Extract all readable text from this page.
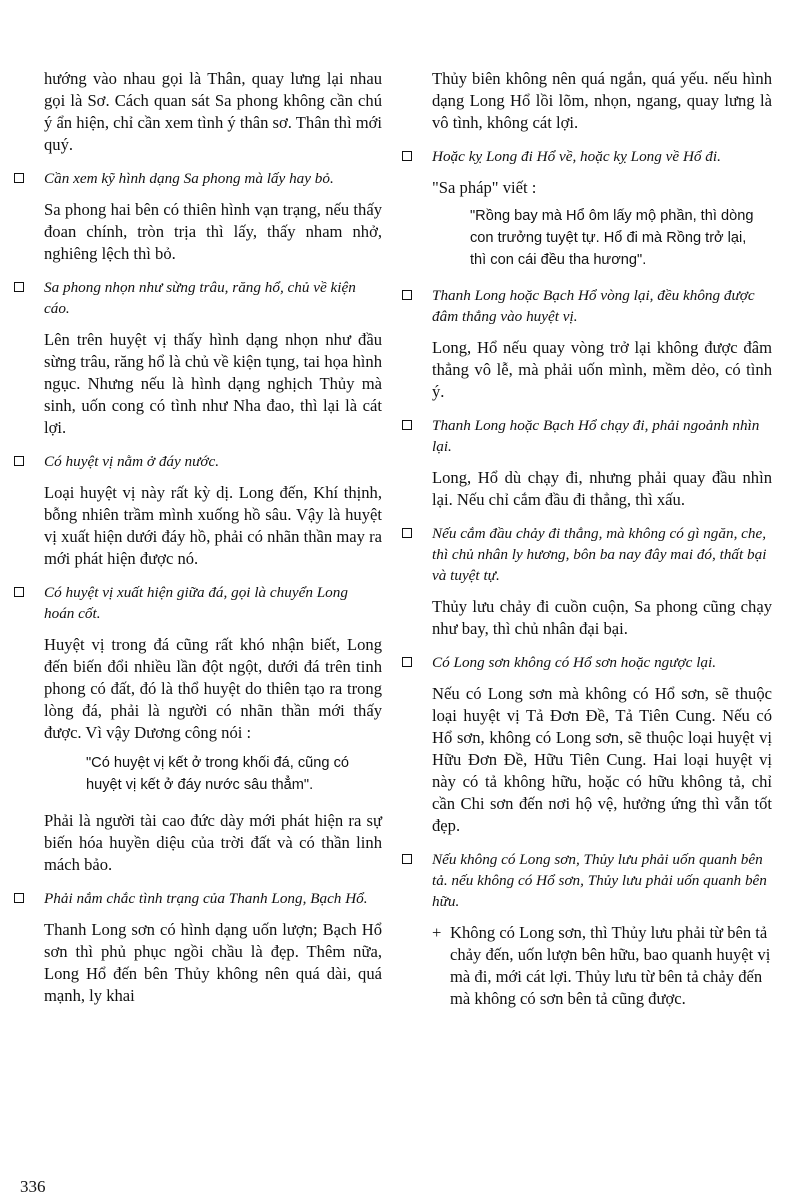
hướng vào nhau gọi là Thân, quay lưng lại nhau gọi là Sơ. Cách quan sát Sa phong không cần chú ý ẩn hiện, chỉ cần xem tình ý thân sơ. Thân thì mới quý.

Cần xem kỹ hình dạng Sa phong mà lấy hay bỏ.

Sa phong hai bên có thiên hình vạn trạng, nếu thấy đoan chính, tròn trịa thì lấy, thấy nham nhở, nghiêng lệch thì bỏ.

Sa phong nhọn như sừng trâu, răng hổ, chủ về kiện cáo.

Lên trên huyệt vị thấy hình dạng nhọn như đầu sừng trâu, răng hổ là chủ về kiện tụng, tai họa hình ngục. Nhưng nếu là hình dạng nghịch Thủy mà sinh, uốn cong có tình như Nha đao, thì lại là cát lợi.

Có huyệt vị nằm ở đáy nước.

Loại huyệt vị này rất kỳ dị. Long đến, Khí thịnh, bỗng nhiên trầm mình xuống hồ sâu. Vậy là huyệt vị xuất hiện dưới đáy hồ, phải có nhãn thần may ra mới phát hiện được nó.

Có huyệt vị xuất hiện giữa đá, gọi là chuyển Long hoán cốt.

Huyệt vị trong đá cũng rất khó nhận biết, Long đến biến đổi nhiều lần đột ngột, dưới đá trên tinh phong có đất, đó là thổ huyệt do thiên tạo ra trong lòng đá, phải là người có nhãn thần mới thấy được. Vì vậy Dương công nói :

"Có huyệt vị kết ở trong khối đá, cũng có huyệt vị kết ở đáy nước sâu thẳm".

Phải là người tài cao đức dày mới phát hiện ra sự biến hóa huyền diệu của trời đất và có thần linh mách bảo.

Phải nắm chắc tình trạng của Thanh Long, Bạch Hổ.

Thanh Long sơn có hình dạng uốn lượn; Bạch Hổ sơn thì phủ phục ngồi chầu là đẹp. Thêm nữa, Long Hổ đến bên Thủy không nên quá dài, quá mạnh, ly khai

Thủy biên không nên quá ngắn, quá yếu. nếu hình dạng Long Hổ lồi lõm, nhọn, ngang, quay lưng là vô tình, không cát lợi.

Hoặc kỵ Long đi Hổ về, hoặc kỵ Long về Hổ đi.

"Sa pháp" viết :

"Rồng bay mà Hổ ôm lấy mộ phần, thì dòng con trưởng tuyệt tự. Hổ đi mà Rồng trở lại, thì con cái đều tha hương".

Thanh Long hoặc Bạch Hổ vòng lại, đều không được đâm thẳng vào huyệt vị.

Long, Hổ nếu quay vòng trở lại không được đâm thẳng vô lễ, mà phải uốn mình, mềm dẻo, có tình ý.

Thanh Long hoặc Bạch Hổ chạy đi, phải ngoảnh nhìn lại.

Long, Hổ dù chạy đi, nhưng phải quay đầu nhìn lại. Nếu chỉ cắm đầu đi thẳng, thì xấu.

Nếu cắm đầu chảy đi thẳng, mà không có gì ngăn, che, thì chủ nhân ly hương, bôn ba nay đây mai đó, thất bại và tuyệt tự.

Thủy lưu chảy đi cuồn cuộn, Sa phong cũng chạy như bay, thì chủ nhân đại bại.

Có Long sơn không có Hổ sơn hoặc ngược lại.

Nếu có Long sơn mà không có Hổ sơn, sẽ thuộc loại huyệt vị Tả Đơn Đề, Tả Tiên Cung. Nếu có Hổ sơn, không có Long sơn, sẽ thuộc loại huyệt vị Hữu Đơn Đề, Hữu Tiên Cung. Hai loại huyệt vị này có tả không hữu, hoặc có hữu không tả, chỉ cần Chi sơn đến nơi hộ vệ, hưởng ứng thì vẫn tốt đẹp.

Nếu không có Long sơn, Thủy lưu phải uốn quanh bên tả. nếu không có Hổ sơn, Thủy lưu phải uốn quanh bên hữu.

+ Không có Long sơn, thì Thủy lưu phải từ bên tả chảy đến, uốn lượn bên hữu, bao quanh huyệt vị mà đi, mới cát lợi. Thủy lưu từ bên tả chảy đến mà không có sơn bên tả cũng được.

336
